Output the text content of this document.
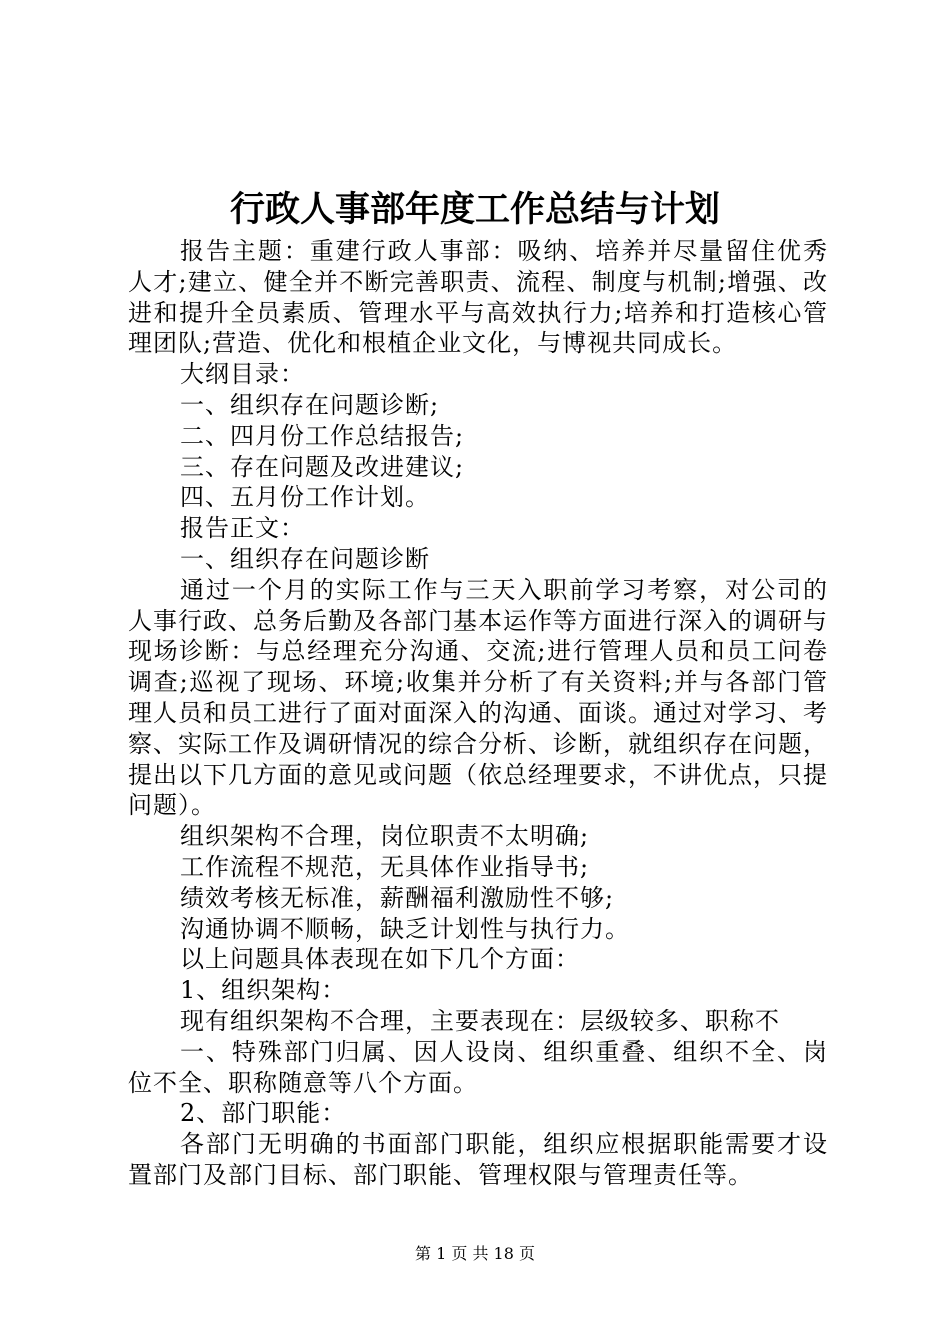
行政人事部年度工作总结与计划

报告主题：重建行政人事部：吸纳、培养并尽量留住优秀人才;建立、健全并不断完善职责、流程、制度与机制;增强、改进和提升全员素质、管理水平与高效执行力;培养和打造核心管理团队;营造、优化和根植企业文化，与博视共同成长。

大纲目录：

一、组织存在问题诊断;

二、四月份工作总结报告;

三、存在问题及改进建议;

四、五月份工作计划。

报告正文：

一、组织存在问题诊断

通过一个月的实际工作与三天入职前学习考察，对公司的人事行政、总务后勤及各部门基本运作等方面进行深入的调研与现场诊断：与总经理充分沟通、交流;进行管理人员和员工问卷调查;巡视了现场、环境;收集并分析了有关资料;并与各部门管理人员和员工进行了面对面深入的沟通、面谈。通过对学习、考察、实际工作及调研情况的综合分析、诊断，就组织存在问题，提出以下几方面的意见或问题（依总经理要求，不讲优点，只提问题）。

组织架构不合理，岗位职责不太明确;

工作流程不规范，无具体作业指导书;

绩效考核无标准，薪酬福利激励性不够;

沟通协调不顺畅，缺乏计划性与执行力。

以上问题具体表现在如下几个方面：

1、组织架构：

现有组织架构不合理，主要表现在：层级较多、职称不

一、特殊部门归属、因人设岗、组织重叠、组织不全、岗位不全、职称随意等八个方面。

2、部门职能：

各部门无明确的书面部门职能，组织应根据职能需要才设置部门及部门目标、部门职能、管理权限与管理责任等。

第 1 页 共 18 页
